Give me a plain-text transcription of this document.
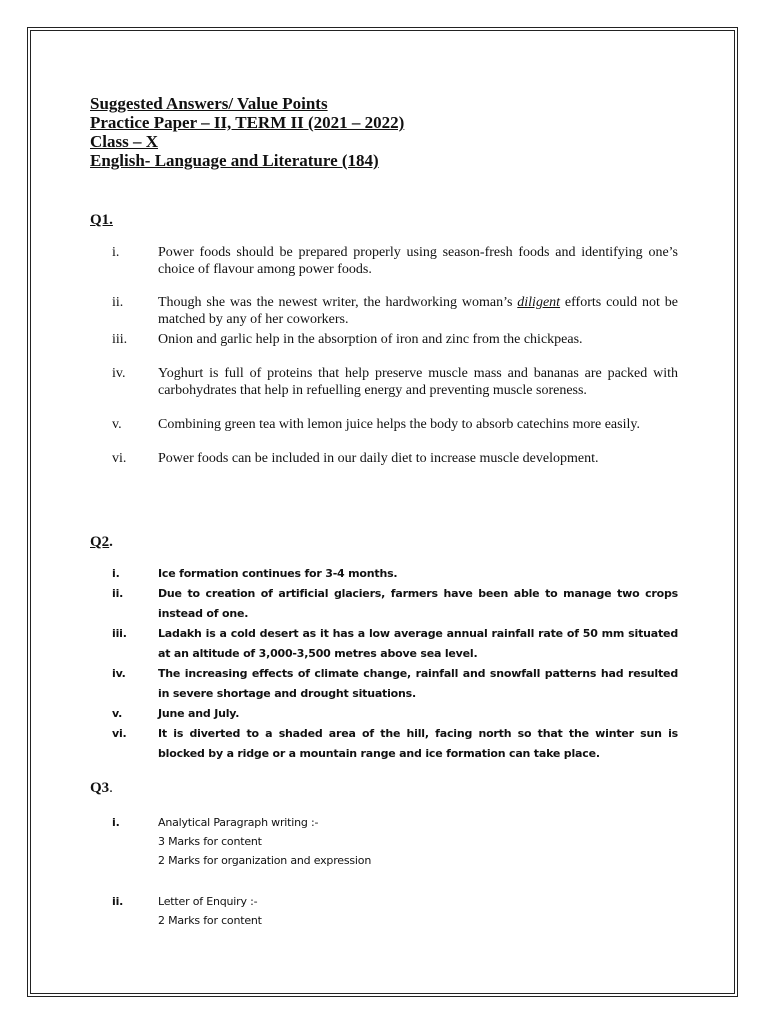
Suggested Answers/ Value Points
Practice Paper – II, TERM II (2021 – 2022)
Class – X
English- Language and Literature (184)
Q1.
i.	Power foods should be prepared properly using season-fresh foods and identifying one’s choice of flavour among power foods.
ii.	Though she was the newest writer, the hardworking woman’s diligent efforts could not be matched by any of her coworkers.
iii.	Onion and garlic help in the absorption of iron and zinc from the chickpeas.
iv.	Yoghurt is full of proteins that help preserve muscle mass and bananas are packed with carbohydrates that help in refuelling energy and preventing muscle soreness.
v.	Combining green tea with lemon juice helps the body to absorb catechins more easily.
vi.	Power foods can be included in our daily diet to increase muscle development.
Q2.
i.	Ice formation continues for 3-4 months.
ii.	Due to creation of artificial glaciers, farmers have been able to manage two crops instead of one.
iii.	Ladakh is a cold desert as it has a low average annual rainfall rate of 50 mm situated at an altitude of 3,000-3,500 metres above sea level.
iv.	The increasing effects of climate change, rainfall and snowfall patterns had resulted in severe shortage and drought situations.
v.	June and July.
vi.	It is diverted to a shaded area of the hill, facing north so that the winter sun is blocked by a ridge or a mountain range and ice formation can take place.
Q3.
i.	Analytical Paragraph writing :-
3 Marks for content
2 Marks for organization and expression
ii.	Letter of Enquiry :-
2 Marks for content
